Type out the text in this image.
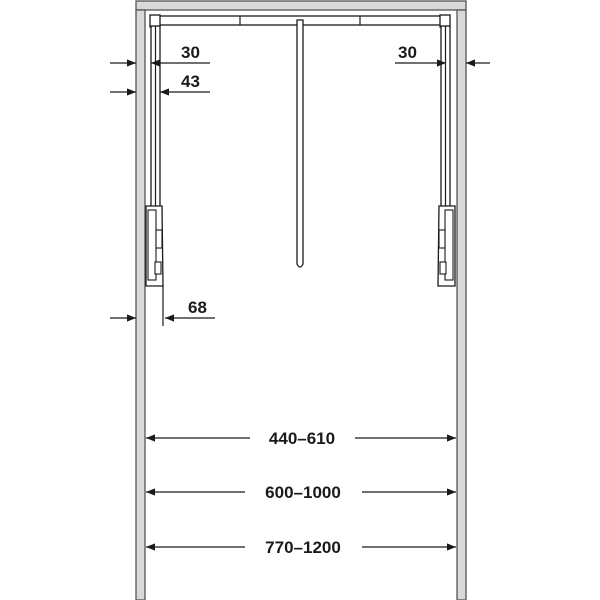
30
43
30
68
440–610
600–1000
770–1200
